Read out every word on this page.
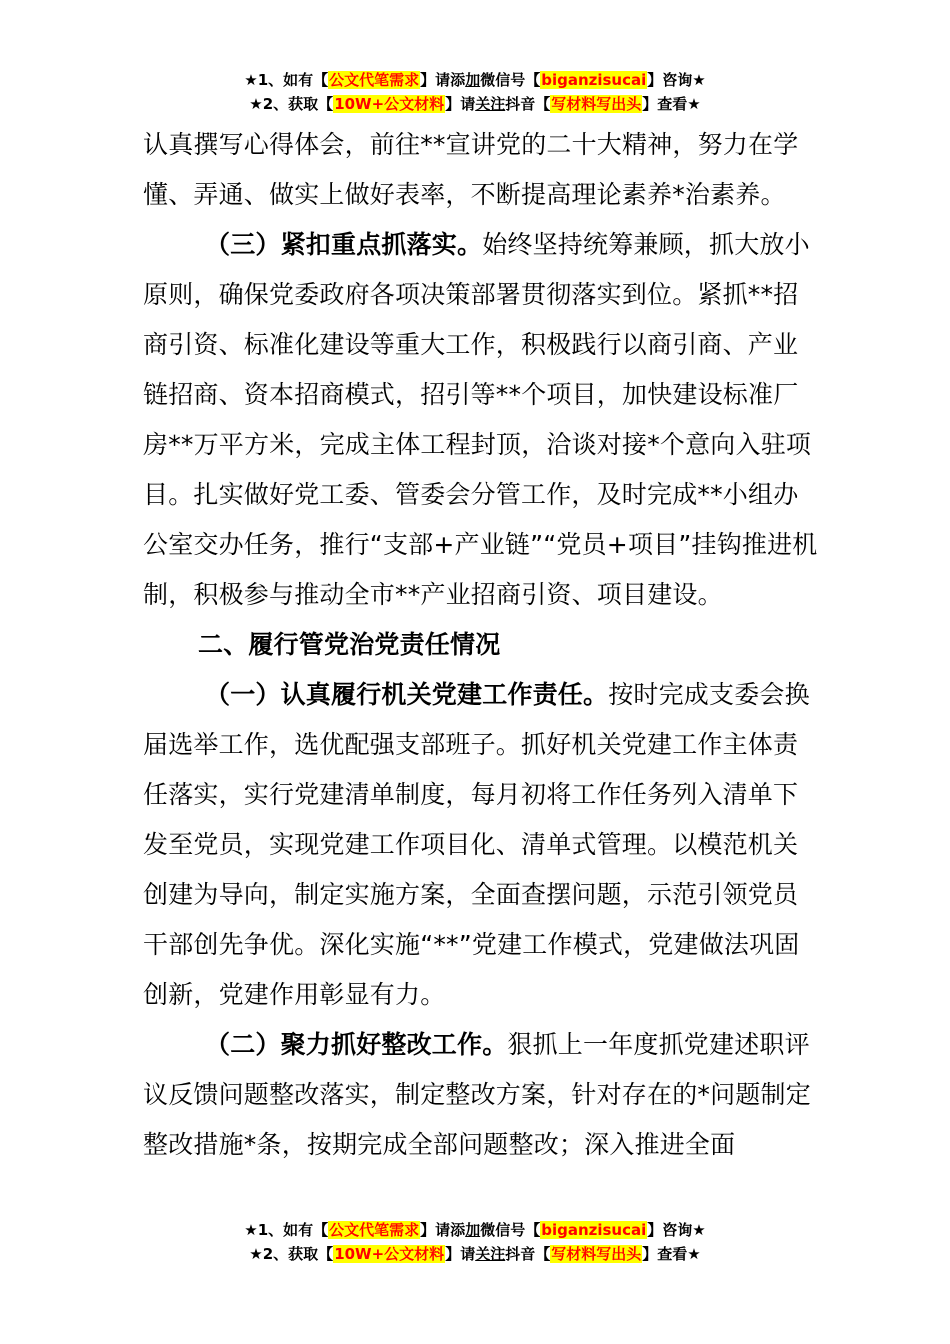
★1、如有【公文代笔需求】请添加微信号【biganzisucai】咨询★
★2、获取【10W+公文材料】请关注抖音【写材料写出头】查看★

认真撰写心得体会，前往**宣讲党的二十大精神，努力在学懂、弄通、做实上做好表率，不断提高理论素养*治素养。

（三）紧扣重点抓落实。始终坚持统筹兼顾，抓大放小原则，确保党委政府各项决策部署贯彻落实到位。紧抓**招商引资、标准化建设等重大工作，积极践行以商引商、产业链招商、资本招商模式，招引等**个项目，加快建设标准厂房**万平方米，完成主体工程封顶，洽谈对接*个意向入驻项目。扎实做好党工委、管委会分管工作，及时完成**小组办公室交办任务，推行“支部+产业链”“党员+项目”挂钩推进机制，积极参与推动全市**产业招商引资、项目建设。

二、履行管党治党责任情况

（一）认真履行机关党建工作责任。按时完成支委会换届选举工作，选优配强支部班子。抓好机关党建工作主体责任落实，实行党建清单制度，每月初将工作任务列入清单下发至党员，实现党建工作项目化、清单式管理。以模范机关创建为导向，制定实施方案，全面查摆问题，示范引领党员干部创先争优。深化实施“**”党建工作模式，党建做法巩固创新，党建作用彰显有力。

（二）聚力抓好整改工作。狠抓上一年度抓党建述职评议反馈问题整改落实，制定整改方案，针对存在的*问题制定整改措施*条，按期完成全部问题整改；深入推进全面

★1、如有【公文代笔需求】请添加微信号【biganzisucai】咨询★
★2、获取【10W+公文材料】请关注抖音【写材料写出头】查看★
